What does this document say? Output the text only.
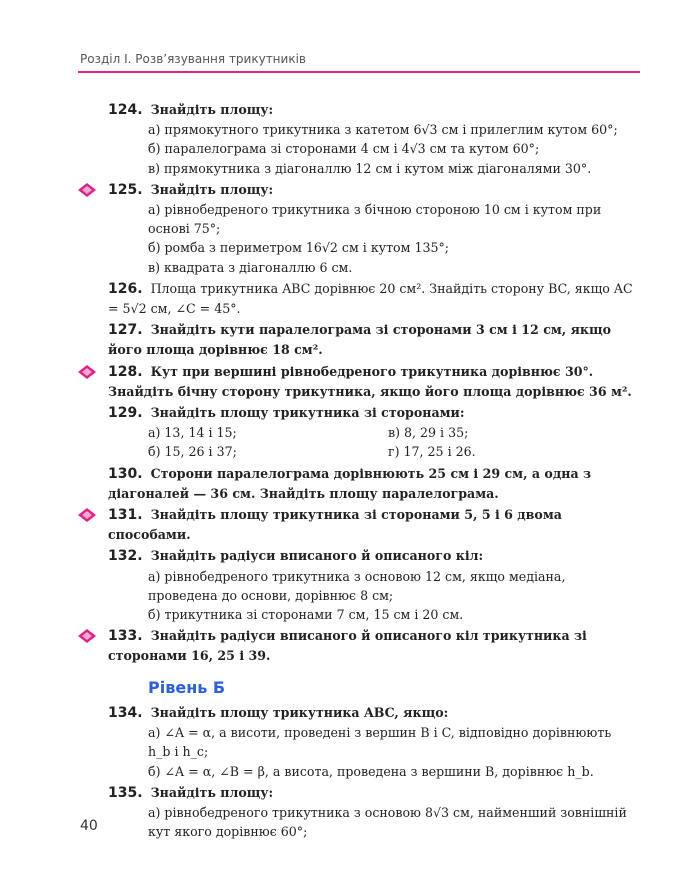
Розділ І. Розв’язування трикутників
124. Знайдіть площу:
а) прямокутного трикутника з катетом 6√3 см і прилеглим кутом 60°;
б) паралелограма зі сторонами 4 см і 4√3 см та кутом 60°;
в) прямокутника з діагоналлю 12 см і кутом між діагоналями 30°.
125. Знайдіть площу:
а) рівнобедреного трикутника з бічною стороною 10 см і кутом при основі 75°;
б) ромба з периметром 16√2 см і кутом 135°;
в) квадрата з діагоналлю 6 см.
126. Площа трикутника ABC дорівнює 20 см². Знайдіть сторону BC, якщо AC = 5√2 см, ∠C = 45°.
127. Знайдіть кути паралелограма зі сторонами 3 см і 12 см, якщо його площа дорівнює 18 см².
128. Кут при вершині рівнобедреного трикутника дорівнює 30°. Знайдіть бічну сторону трикутника, якщо його площа дорівнює 36 м².
129. Знайдіть площу трикутника зі сторонами:
а) 13, 14 і 15;	в) 8, 29 і 35;
б) 15, 26 і 37;	г) 17, 25 і 26.
130. Сторони паралелограма дорівнюють 25 см і 29 см, а одна з діагоналей — 36 см. Знайдіть площу паралелограма.
131. Знайдіть площу трикутника зі сторонами 5, 5 і 6 двома способами.
132. Знайдіть радіуси вписаного й описаного кіл:
а) рівнобедреного трикутника з основою 12 см, якщо медіана, проведена до основи, дорівнює 8 см;
б) трикутника зі сторонами 7 см, 15 см і 20 см.
133. Знайдіть радіуси вписаного й описаного кіл трикутника зі сторонами 16, 25 і 39.
Рівень Б
134. Знайдіть площу трикутника ABC, якщо:
а) ∠A = α, а висоти, проведені з вершин B і C, відповідно дорівнюють h_b і h_c;
б) ∠A = α, ∠B = β, а висота, проведена з вершини B, дорівнює h_b.
135. Знайдіть площу:
а) рівнобедреного трикутника з основою 8√3 см, найменший зовнішній кут якого дорівнює 60°;
40
